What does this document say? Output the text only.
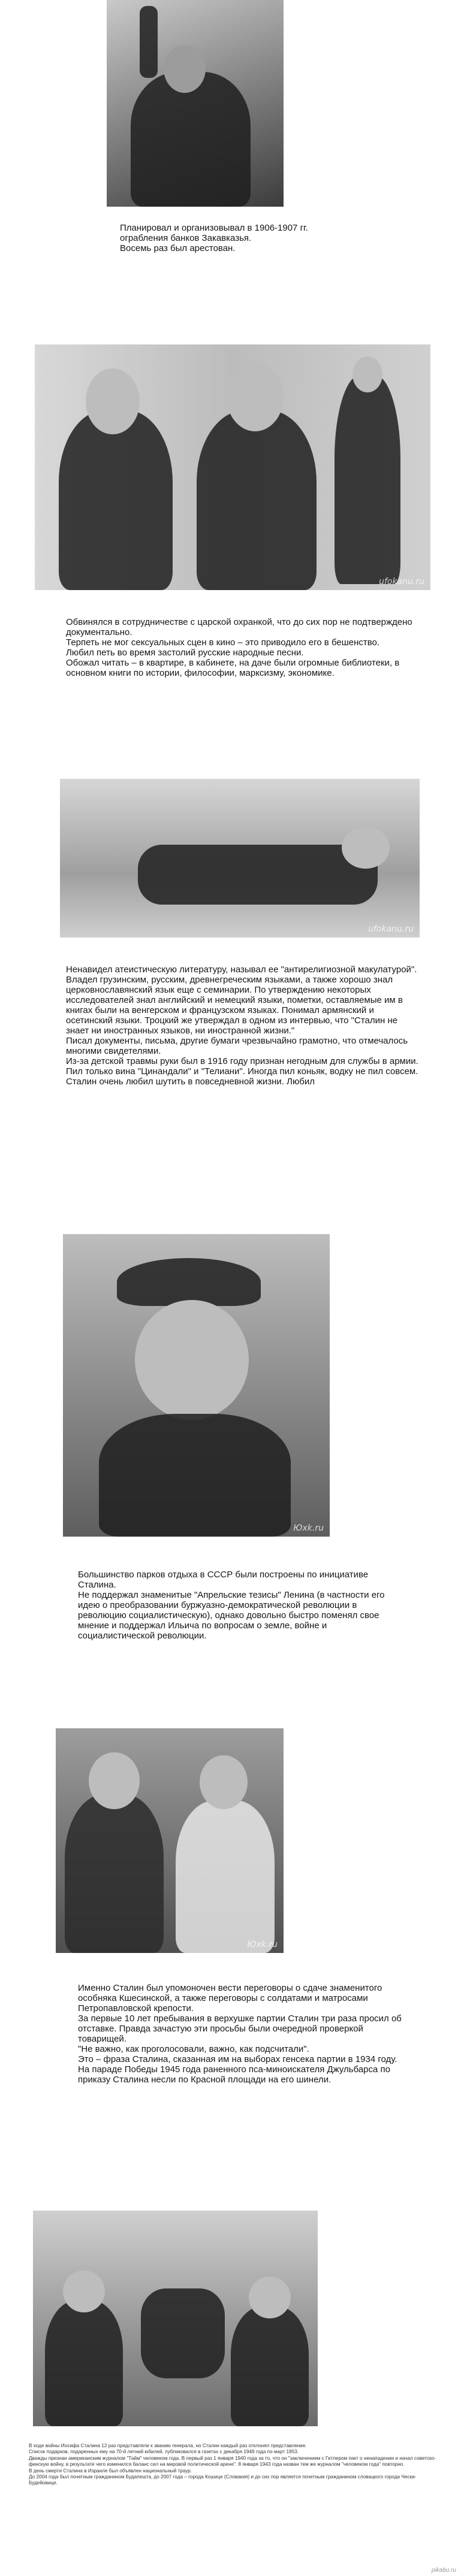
Планировал и организовывал в 1906-1907 гг. ограбления банков Закавказья.
Восемь раз был арестован.

ufokanu.ru

Обвинялся в сотрудничестве с царской охранкой, что до сих пор не подтверждено документально.
Терпеть не мог сексуальных сцен в кино – это приводило его в бешенство.
Любил петь во время застолий русские народные песни.
Обожал читать – в квартире, в кабинете, на даче были огромные библиотеки, в основном книги по истории, философии, марксизму, экономике.

ufokanu.ru

Ненавидел атеистическую литературу, называл ее "антирелигиозной макулатурой".
Владел грузинским, русским, древнегреческим языками, а также хорошо знал церковнославянский язык еще с семинарии. По утверждению некоторых исследователей знал английский и немецкий языки, пометки, оставляемые им в книгах были на венгерском и французском языках. Понимал армянский и осетинский языки. Троцкий же утверждал в одном из интервью, что "Сталин не знает ни иностранных языков, ни иностранной жизни."
Писал документы, письма, другие бумаги чрезвычайно грамотно, что отмечалось многими свидетелями.
Из-за детской травмы руки был в 1916 году признан негодным для службы в армии.
Пил только вина "Цинандали" и "Телиани". Иногда пил коньяк, водку не пил совсем.
Сталин очень любил шутить в повседневной жизни. Любил

Юxk.ru

Большинство парков отдыха в СССР были построены по инициативе Сталина.
Не поддержал знаменитые "Апрельские тезисы" Ленина (в частности его идею о преобразовании буржуазно-демократической революции в революцию социалистическую), однако довольно быстро поменял свое мнение и поддержал Ильича по вопросам о земле, войне и социалистической революции.

Юxk.ru

Именно Сталин был упомоночен вести переговоры о сдаче знаменитого особняка Кшесинской, а также переговоры с солдатами и матросами Петропавловской крепости.
За первые 10 лет пребывания в верхушке партии Сталин три раза просил об отставке. Правда зачастую эти просьбы были очередной проверкой товарищей.
"Не важно, как проголосовали, важно, как подсчитали".
Это – фраза Сталина, сказанная им на выборах генсека партии в 1934 году.
На параде Победы 1945 года раненного пса-миноискателя Джульбарса по приказу Сталина несли по Красной площади на его шинели.

В ходе войны Иосифа Сталина 12 раз представляли к званию генерала, но Сталин каждый раз отклонял представление.
Список подарков, подаренных ему на 70-й летний юбилей, публиковался в газетах с декабря 1949 года по март 1953.
Дважды признан американским журналом "Тайм" человеком года. В первый раз 1 января 1940 года за то, что он "заключением с Гитлером пакт о ненападении и начал советско-финскую войну, в результате чего изменился баланс сил на мировой политической арене". 8 января 1943 года назван тем же журналом "человеком года" повторно.
В день смерти Сталина в Израиле был объявлен национальный траур.
До 2004 года был почетным гражданином Будапешта, до 2007 года – города Кошице (Словакия) и до сих пор является почетным гражданином словацкого города Чески-Будейовице.

pikabu.ru
